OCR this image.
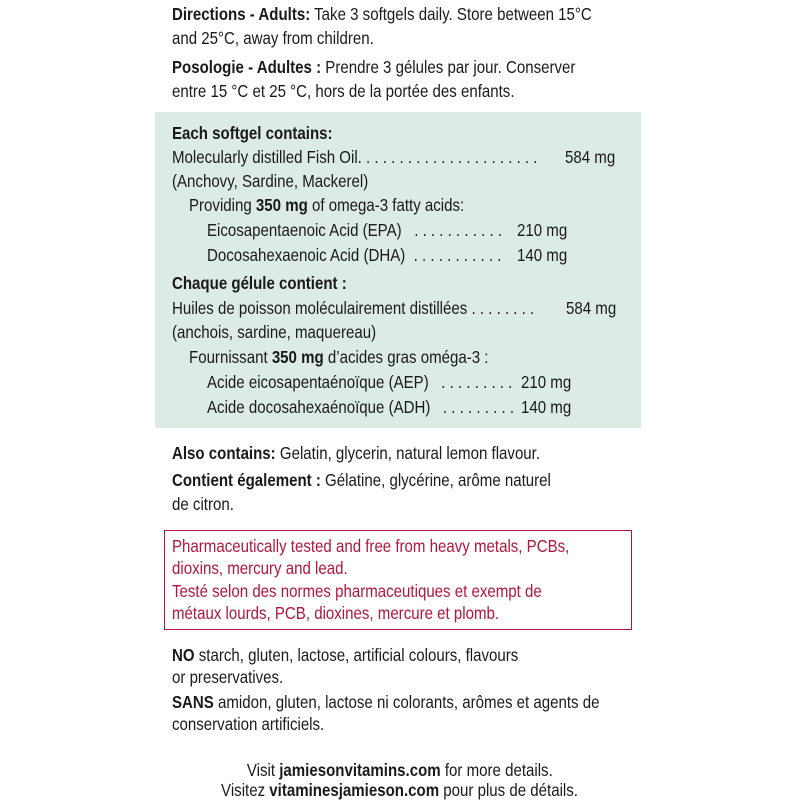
Directions - Adults: Take 3 softgels daily. Store between 15°C
and 25°C, away from children.
Posologie - Adultes : Prendre 3 gélules par jour. Conserver
entre 15 °C et 25 °C, hors de la portée des enfants.
Each softgel contains:
Molecularly distilled Fish Oil. . . . . . . . . . . . . . . . . . . . . . 584 mg
(Anchovy, Sardine, Mackerel)
Providing 350 mg of omega-3 fatty acids:
Eicosapentaenoic Acid (EPA) . . . . . . . . . . . 210 mg
Docosahexaenoic Acid (DHA) . . . . . . . . . . . 140 mg
Chaque gélule contient :
Huiles de poisson moléculairement distillées . . . . . . . . 584 mg
(anchois, sardine, maquereau)
Fournissant 350 mg d’acides gras oméga-3 :
Acide eicosapentaénoïque (AEP) . . . . . . . . . 210 mg
Acide docosahexaénoïque (ADH) . . . . . . . . . 140 mg
Also contains: Gelatin, glycerin, natural lemon flavour.
Contient également : Gélatine, glycérine, arôme naturel
de citron.
Pharmaceutically tested and free from heavy metals, PCBs,
dioxins, mercury and lead.
Testé selon des normes pharmaceutiques et exempt de
métaux lourds, PCB, dioxines, mercure et plomb.
NO starch, gluten, lactose, artificial colours, flavours
or preservatives.
SANS amidon, gluten, lactose ni colorants, arômes et agents de
conservation artificiels.
Visit jamiesonvitamins.com for more details.
Visitez vitaminesjamieson.com pour plus de détails.
